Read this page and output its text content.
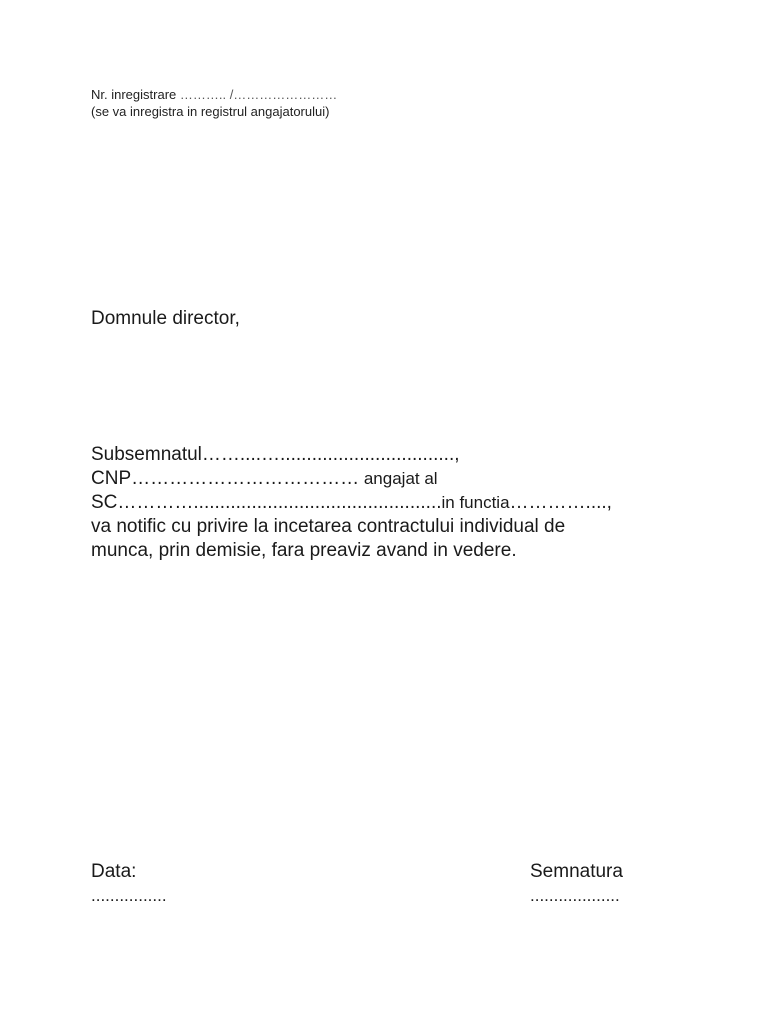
Nr. inregistrare ……….. /……………………
(se va inregistra in registrul angajatorului)
Domnule director,
Subsemnatul……....….................................,
CNP……………………………… angajat al
SC…………...............................................in functia…………....,
va notific cu privire la incetarea contractului individual de
munca, prin demisie, fara preaviz avand in vedere.
Data:
................
Semnatura
...................
